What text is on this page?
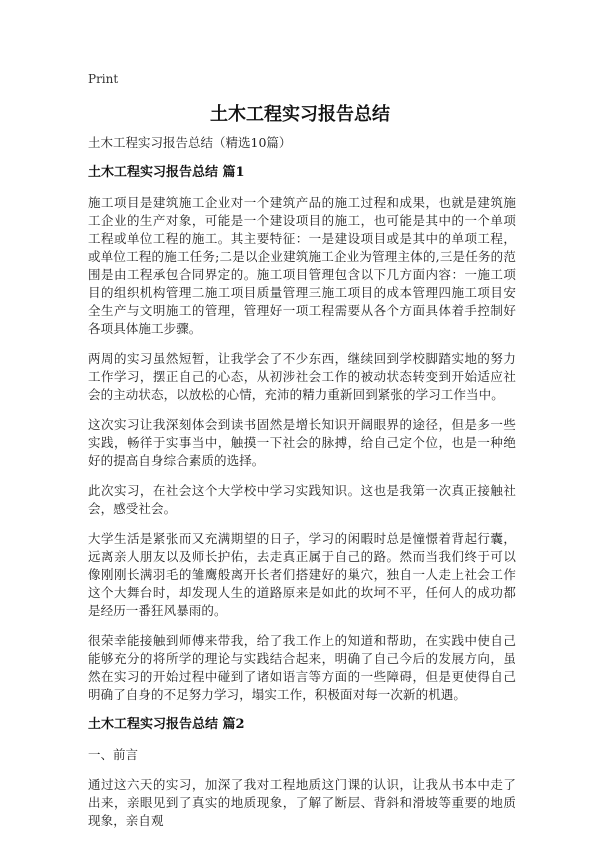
Print
土木工程实习报告总结

土木工程实习报告总结（精选10篇）

土木工程实习报告总结 篇1

施工项目是建筑施工企业对一个建筑产品的施工过程和成果，也就是建筑施工企业的生产对象，可能是一个建设项目的施工，也可能是其中的一个单项工程或单位工程的施工。其主要特征：一是建设项目或是其中的单项工程，或单位工程的施工任务;二是以企业建筑施工企业为管理主体的,三是任务的范围是由工程承包合同界定的。施工项目管理包含以下几方面内容：一施工项目的组织机构管理二施工项目质量管理三施工项目的成本管理四施工项目安全生产与文明施工的管理，管理好一项工程需要从各个方面具体着手控制好各项具体施工步骤。

两周的实习虽然短暂，让我学会了不少东西，继续回到学校脚踏实地的努力工作学习，摆正自己的心态，从初涉社会工作的被动状态转变到开始适应社会的主动状态，以放松的心情，充沛的精力重新回到紧张的学习工作当中。

这次实习让我深刻体会到读书固然是增长知识开阔眼界的途径，但是多一些实践，畅徉于实事当中，触摸一下社会的脉搏，给自己定个位，也是一种绝好的提高自身综合素质的选择。

此次实习，在社会这个大学校中学习实践知识。这也是我第一次真正接触社会，感受社会。

大学生活是紧张而又充满期望的日子，学习的闲暇时总是憧憬着背起行囊，远离亲人朋友以及师长护佑，去走真正属于自己的路。然而当我们终于可以像刚刚长满羽毛的雏鹰般离开长者们搭建好的巢穴，独自一人走上社会工作这个大舞台时，却发现人生的道路原来是如此的坎坷不平，任何人的成功都是经历一番狂风暴雨的。

很荣幸能接触到师傅来带我，给了我工作上的知道和帮助，在实践中使自己能够充分的将所学的理论与实践结合起来，明确了自己今后的发展方向，虽然在实习的开始过程中碰到了诸如语言等方面的一些障碍，但是更使得自己明确了自身的不足努力学习，塌实工作，积极面对每一次新的机遇。

土木工程实习报告总结 篇2

一、前言

通过这六天的实习，加深了我对工程地质这门课的认识，让我从书本中走了出来，亲眼见到了真实的地质现象，了解了断层、背斜和滑坡等重要的地质现象，亲自观
